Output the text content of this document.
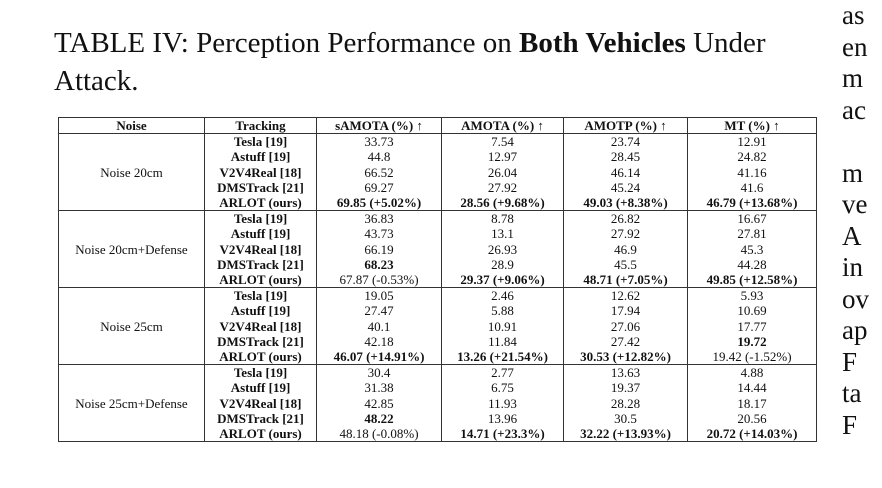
TABLE IV: Perception Performance on Both Vehicles Under Attack.

as
en
m
ac
m
ve
A
in
ov
ap
F
ta
F
Noise	Tracking	sAMOTA (%) ↑	AMOTA (%) ↑	AMOTP (%) ↑	MT (%) ↑
Noise 20cm	Tesla [19]	33.73	7.54	23.74	12.91
	Astuff [19]	44.8	12.97	28.45	24.82
	V2V4Real [18]	66.52	26.04	46.14	41.16
	DMSTrack [21]	69.27	27.92	45.24	41.6
	ARLOT (ours)	69.85 (+5.02%)	28.56 (+9.68%)	49.03 (+8.38%)	46.79 (+13.68%)
Noise 20cm+Defense	Tesla [19]	36.83	8.78	26.82	16.67
	Astuff [19]	43.73	13.1	27.92	27.81
	V2V4Real [18]	66.19	26.93	46.9	45.3
	DMSTrack [21]	68.23	28.9	45.5	44.28
	ARLOT (ours)	67.87 (-0.53%)	29.37 (+9.06%)	48.71 (+7.05%)	49.85 (+12.58%)
Noise 25cm	Tesla [19]	19.05	2.46	12.62	5.93
	Astuff [19]	27.47	5.88	17.94	10.69
	V2V4Real [18]	40.1	10.91	27.06	17.77
	DMSTrack [21]	42.18	11.84	27.42	19.72
	ARLOT (ours)	46.07 (+14.91%)	13.26 (+21.54%)	30.53 (+12.82%)	19.42 (-1.52%)
Noise 25cm+Defense	Tesla [19]	30.4	2.77	13.63	4.88
	Astuff [19]	31.38	6.75	19.37	14.44
	V2V4Real [18]	42.85	11.93	28.28	18.17
	DMSTrack [21]	48.22	13.96	30.5	20.56
	ARLOT (ours)	48.18 (-0.08%)	14.71 (+23.3%)	32.22 (+13.93%)	20.72 (+14.03%)
